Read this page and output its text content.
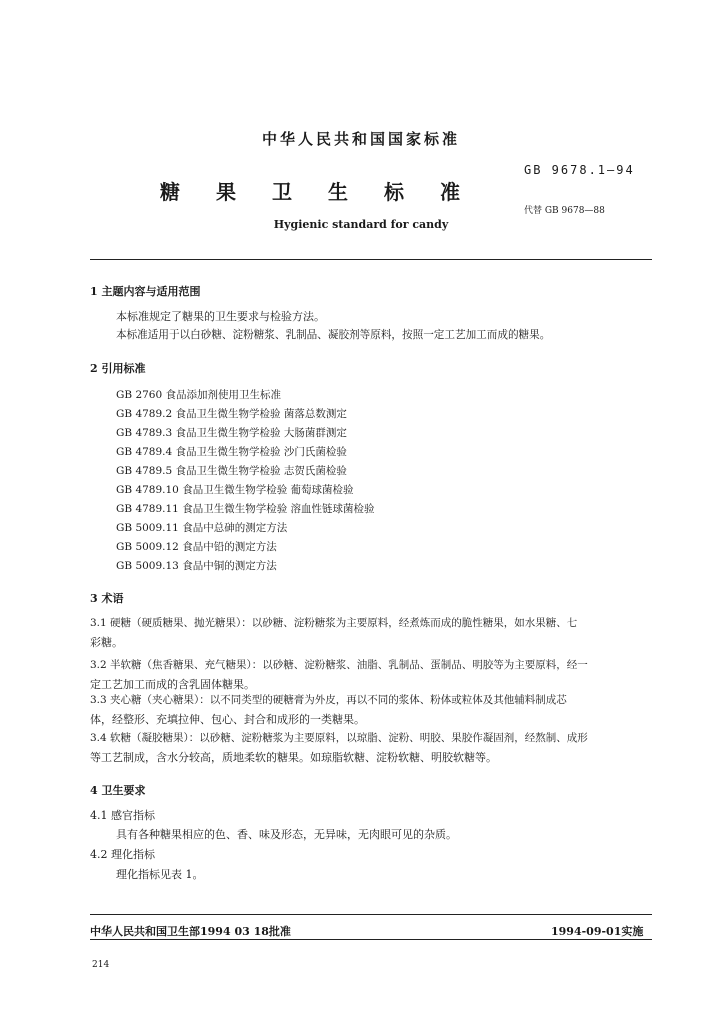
中华人民共和国国家标准
糖果卫生标准
Hygienic standard for candy
GB 9678.1—94
代替 GB 9678—88
1 主题内容与适用范围
本标准规定了糖果的卫生要求与检验方法。
本标准适用于以白砂糖、淀粉糖浆、乳制品、凝胶剂等原料，按照一定工艺加工而成的糖果。
2 引用标准
GB 2760 食品添加剂使用卫生标准
GB 4789.2 食品卫生微生物学检验 菌落总数测定
GB 4789.3 食品卫生微生物学检验 大肠菌群测定
GB 4789.4 食品卫生微生物学检验 沙门氏菌检验
GB 4789.5 食品卫生微生物学检验 志贺氏菌检验
GB 4789.10 食品卫生微生物学检验 葡萄球菌检验
GB 4789.11 食品卫生微生物学检验 溶血性链球菌检验
GB 5009.11 食品中总砷的测定方法
GB 5009.12 食品中铅的测定方法
GB 5009.13 食品中铜的测定方法
3 术语
3.1 硬糖（硬质糖果、抛光糖果）：以砂糖、淀粉糖浆为主要原料，经煮炼而成的脆性糖果，如水果糖、七
彩糖。
3.2 半软糖（焦香糖果、充气糖果）：以砂糖、淀粉糖浆、油脂、乳制品、蛋制品、明胶等为主要原料，经一
定工艺加工而成的含乳固体糖果。
3.3 夹心糖（夹心糖果）：以不同类型的硬糖膏为外皮，再以不同的浆体、粉体或粒体及其他辅料制成芯
体，经整形、充填拉伸、包心、封合和成形的一类糖果。
3.4 软糖（凝胶糖果）：以砂糖、淀粉糖浆为主要原料，以琼脂、淀粉、明胶、果胶作凝固剂，经熬制、成形
等工艺制成，含水分较高，质地柔软的糖果。如琼脂软糖、淀粉软糖、明胶软糖等。
4 卫生要求
4.1 感官指标
具有各种糖果相应的色、香、味及形态，无异味，无肉眼可见的杂质。
4.2 理化指标
理化指标见表 1。
中华人民共和国卫生部1994 03 18批准	1994-09-01实施
214
